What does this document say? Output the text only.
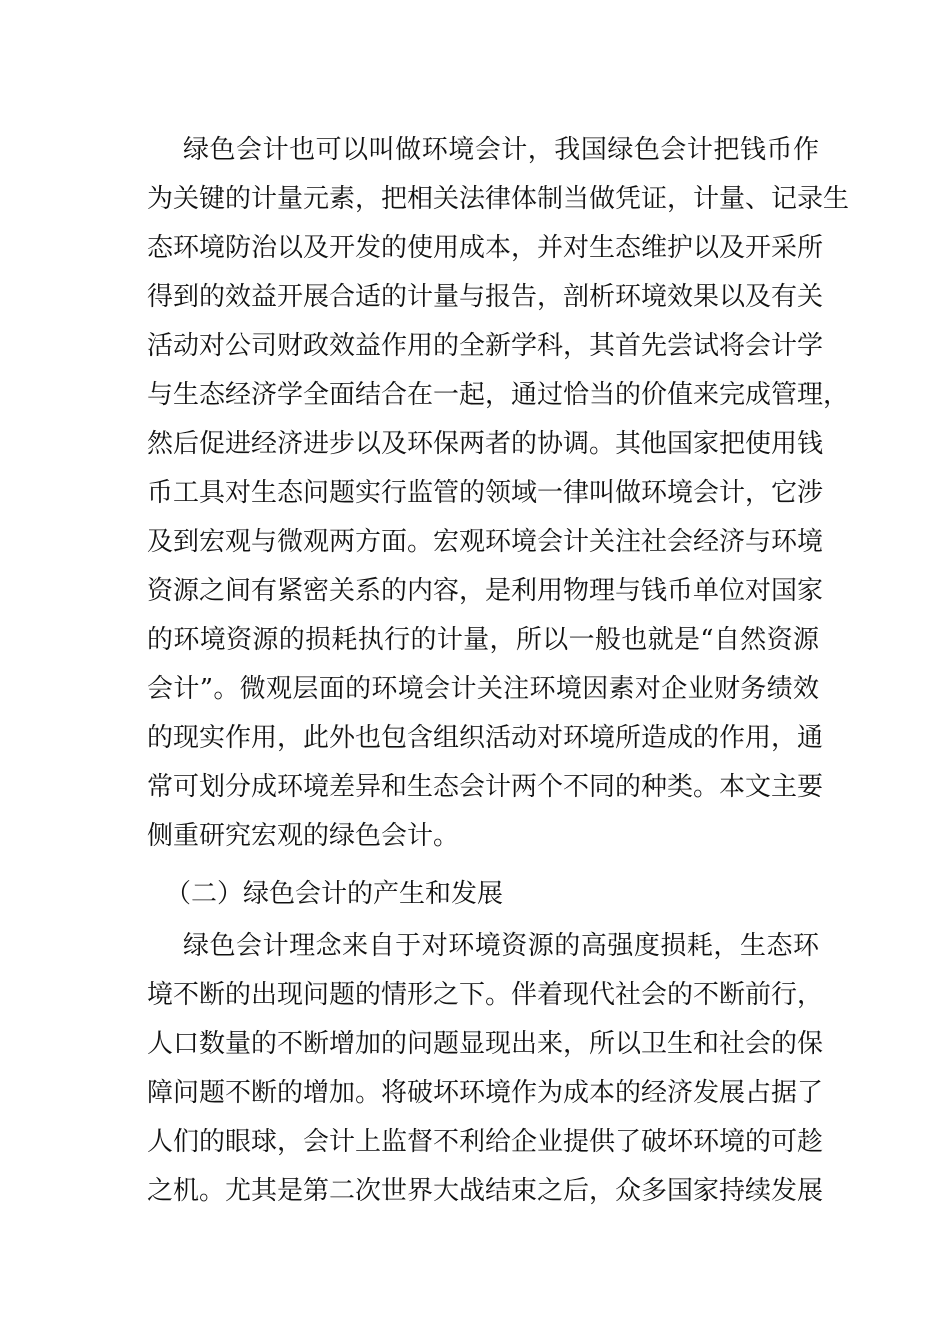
绿色会计也可以叫做环境会计，我国绿色会计把钱币作
为关键的计量元素，把相关法律体制当做凭证，计量、记录生
态环境防治以及开发的使用成本，并对生态维护以及开采所
得到的效益开展合适的计量与报告，剖析环境效果以及有关
活动对公司财政效益作用的全新学科，其首先尝试将会计学
与生态经济学全面结合在一起，通过恰当的价值来完成管理，
然后促进经济进步以及环保两者的协调。其他国家把使用钱
币工具对生态问题实行监管的领域一律叫做环境会计，它涉
及到宏观与微观两方面。宏观环境会计关注社会经济与环境
资源之间有紧密关系的内容，是利用物理与钱币单位对国家
的环境资源的损耗执行的计量，所以一般也就是“自然资源
会计”。微观层面的环境会计关注环境因素对企业财务绩效
的现实作用，此外也包含组织活动对环境所造成的作用，通
常可划分成环境差异和生态会计两个不同的种类。本文主要
侧重研究宏观的绿色会计。
（二）绿色会计的产生和发展
绿色会计理念来自于对环境资源的高强度损耗，生态环
境不断的出现问题的情形之下。伴着现代社会的不断前行，
人口数量的不断增加的问题显现出来，所以卫生和社会的保
障问题不断的增加。将破坏环境作为成本的经济发展占据了
人们的眼球，会计上监督不利给企业提供了破坏环境的可趁
之机。尤其是第二次世界大战结束之后，众多国家持续发展
